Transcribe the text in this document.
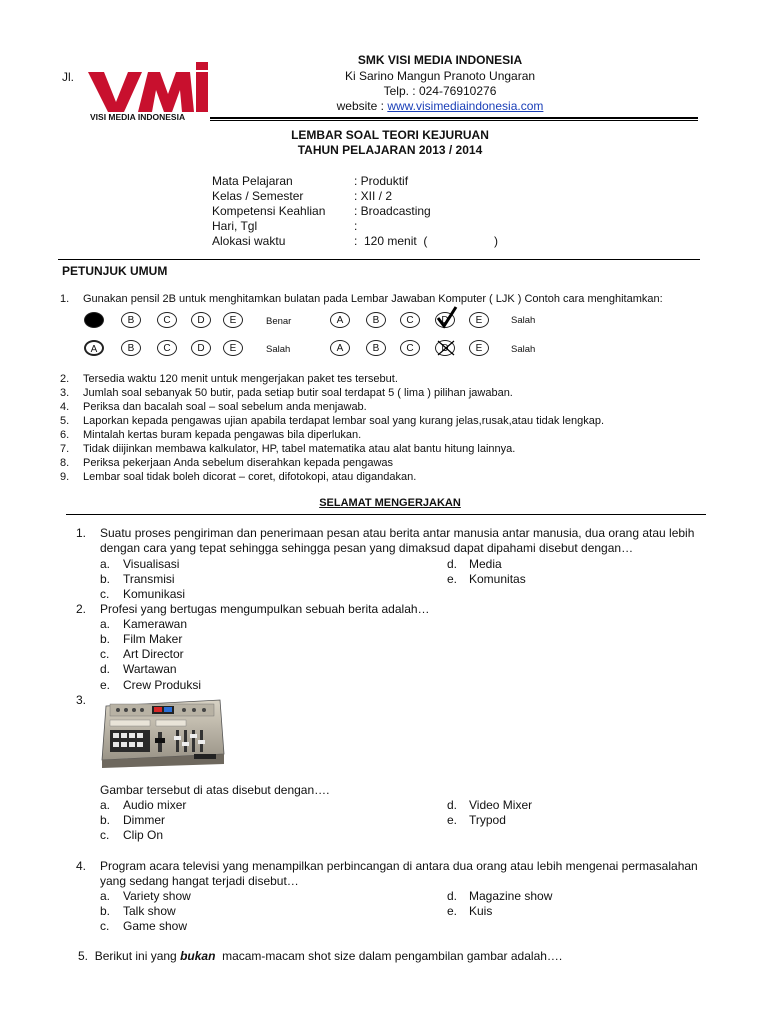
Jl.
VISI MEDIA INDONESIA
SMK VISI MEDIA INDONESIA
Ki Sarino Mangun Pranoto Ungaran
Telp. : 024-76910276
website : www.visimediaindonesia.com
LEMBAR SOAL TEORI KEJURUAN
TAHUN PELAJARAN 2013 / 2014
Mata Pelajaran	: Produktif
Kelas / Semester	: XII / 2
Kompetensi Keahlian : Broadcasting
Hari, Tgl	:
Alokasi waktu	:  120 menit  (                    )
PETUNJUK UMUM
1. Gunakan pensil 2B untuk menghitamkan bulatan pada Lembar Jawaban Komputer ( LJK ) Contoh cara menghitamkan:
B	C	D	E	Benar	A	B	C	D	E	Salah
A	B	C	D	E	Salah	A	B	C	D	E	Salah
2. Tersedia waktu 120 menit untuk mengerjakan paket tes tersebut.
3. Jumlah soal sebanyak 50 butir, pada setiap butir soal terdapat 5 ( lima ) pilihan jawaban.
4. Periksa dan bacalah soal – soal sebelum anda menjawab.
5. Laporkan kepada pengawas ujian apabila terdapat lembar soal yang kurang jelas,rusak,atau tidak lengkap.
6. Mintalah kertas buram kepada pengawas bila diperlukan.
7. Tidak diijinkan membawa kalkulator, HP, tabel matematika atau alat bantu hitung lainnya.
8. Periksa pekerjaan Anda sebelum diserahkan kepada pengawas
9. Lembar soal tidak boleh dicorat – coret, difotokopi, atau digandakan.
SELAMAT MENGERJAKAN
1. Suatu proses pengiriman dan penerimaan pesan atau berita antar manusia antar manusia, dua orang atau lebih dengan cara yang tepat sehingga sehingga pesan yang dimaksud dapat dipahami disebut dengan…
a. Visualisasi	d. Media
b. Transmisi	e. Komunitas
c. Komunikasi
2. Profesi yang bertugas mengumpulkan sebuah berita adalah…
a. Kamerawan
b. Film Maker
c. Art Director
d. Wartawan
e. Crew Produksi
3.
Gambar tersebut di atas disebut dengan….
a. Audio mixer	d. Video Mixer
b. Dimmer	e. Trypod
c. Clip On
4. Program acara televisi yang menampilkan perbincangan di antara dua orang atau lebih mengenai permasalahan yang sedang hangat terjadi disebut…
a. Variety show	d. Magazine show
b. Talk show	e. Kuis
c. Game show
5. Berikut ini yang bukan  macam-macam shot size dalam pengambilan gambar adalah….
